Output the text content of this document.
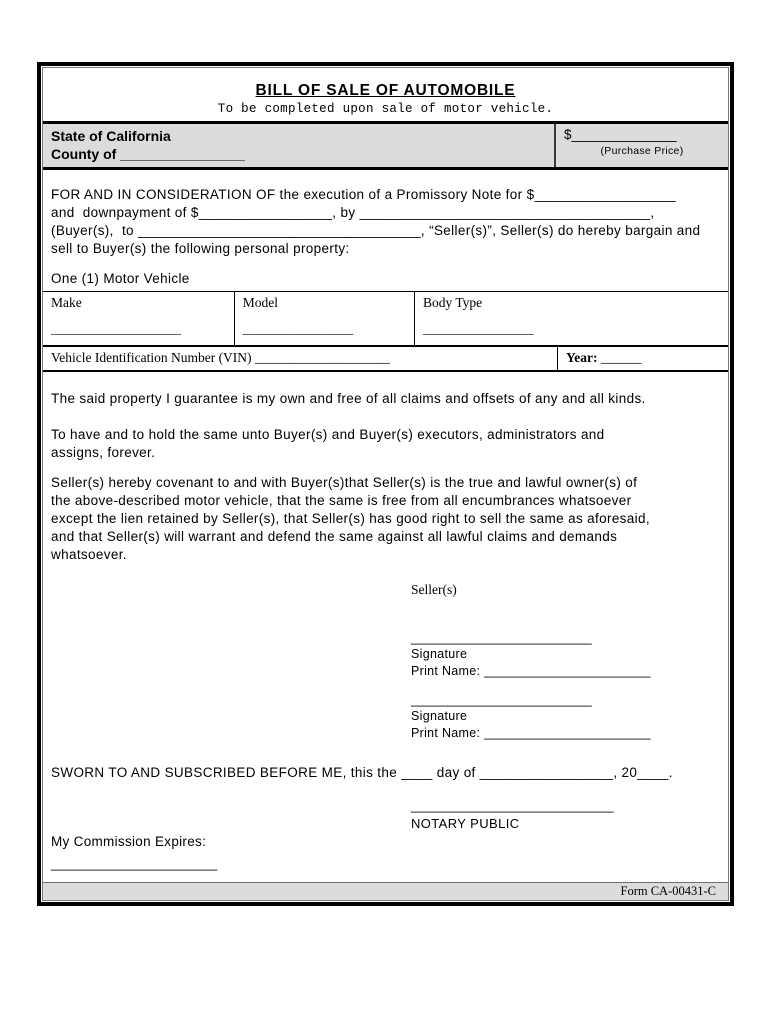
BILL OF SALE OF AUTOMOBILE
To be completed upon sale of motor vehicle.
State of California
County of ________________
$______________
(Purchase Price)
FOR AND IN CONSIDERATION OF the execution of a Promissory Note for $__________________
and  downpayment of $_________________, by _____________________________________,
(Buyer(s),  to ____________________________________, “Seller(s)”, Seller(s) do hereby bargain and
sell to Buyer(s) the following personal property:
One (1) Motor Vehicle
Make
____________________
Model
_________________
Body Type
_________________
Vehicle Identification Number (VIN) ____________________	Year: ______
The said property I guarantee is my own and free of all claims and offsets of any and all kinds.
To have and to hold the same unto Buyer(s) and Buyer(s) executors, administrators and
assigns, forever.
Seller(s) hereby covenant to and with Buyer(s)that Seller(s) is the true and lawful owner(s) of
the above-described motor vehicle, that the same is free from all encumbrances whatsoever
except the lien retained by Seller(s), that Seller(s) has good right to sell the same as aforesaid,
and that Seller(s) will warrant and defend the same against all lawful claims and demands
whatsoever.
Seller(s)
_________________________
Signature
Print Name: _______________________
_________________________
Signature
Print Name: _______________________
SWORN TO AND SUBSCRIBED BEFORE ME, this the ____ day of _________________, 20____.
____________________________
NOTARY PUBLIC
My Commission Expires:
_______________________
Form CA-00431-C
